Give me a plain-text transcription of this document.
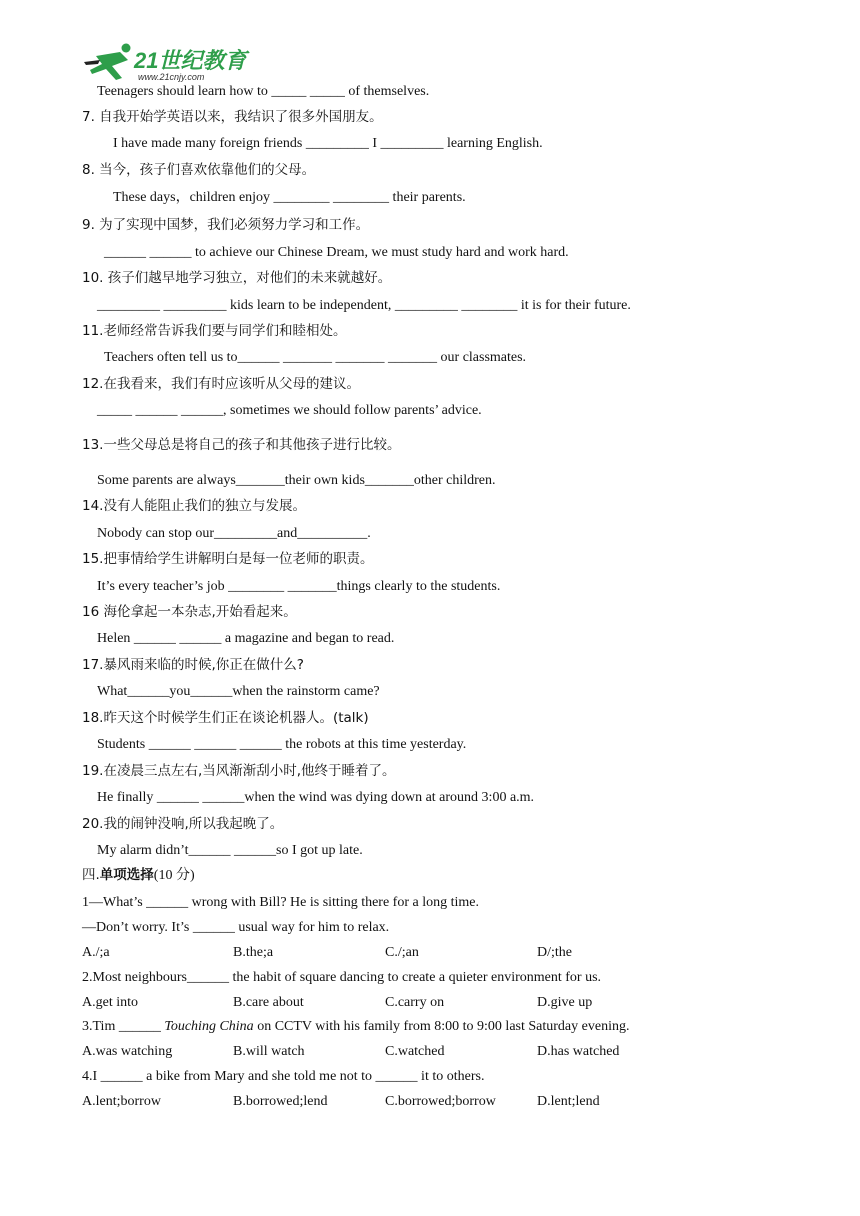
21世纪教育
www.21cnjy.com
Teenagers should learn how to _____ _____ of themselves.
7. 自我开始学英语以来，我结识了很多外国朋友。
I have made many foreign friends _________ I _________ learning English.
8. 当今，孩子们喜欢依靠他们的父母。
These days，children enjoy ________ ________ their parents.
9. 为了实现中国梦，我们必须努力学习和工作。
______ ______ to achieve our Chinese Dream, we must study hard and work hard.
10. 孩子们越早地学习独立，对他们的未来就越好。
_________ _________ kids learn to be independent, _________ ________ it is for their future.
11.老师经常告诉我们要与同学们和睦相处。
Teachers often tell us to______ _______ _______ _______ our classmates.
12.在我看来，我们有时应该听从父母的建议。
_____ ______ ______, sometimes we should follow parents’ advice.
13.一些父母总是将自己的孩子和其他孩子进行比较。
Some parents are always_______their own kids_______other children.
14.没有人能阻止我们的独立与发展。
Nobody can stop our_________and__________.
15.把事情给学生讲解明白是每一位老师的职责。
It’s every teacher’s job ________ _______things clearly to the students.
16 海伦拿起一本杂志,开始看起来。
Helen ______ ______ a magazine and began to read.
17.暴风雨来临的时候,你正在做什么?
What______you______when the rainstorm came?
18.昨天这个时候学生们正在谈论机器人。(talk)
Students ______ ______ ______ the robots at this time yesterday.
19.在凌晨三点左右,当风渐渐刮小时,他终于睡着了。
He finally ______ ______when the wind was dying down at around 3:00 a.m.
20.我的闹钟没响,所以我起晚了。
My alarm didn’t______ ______so I got up late.
1—What’s ______ wrong with Bill? He is sitting there for a long time.
—Don’t worry. It’s ______ usual way for him to relax.
2.Most neighbours______ the habit of square dancing to create a quieter environment for us.
4.I ______ a bike from Mary and she told me not to ______ it to others.
四.单项选择(10 分)
3.Tim ______ Touching China on CCTV with his family from 8:00 to 9:00 last Saturday evening.
A./;a	B.the;a	C./;an	D/;the
A.get into	B.care about	C.carry on	D.give up
A.was watching	B.will watch	C.watched	D.has watched
A.lent;borrow	B.borrowed;lend	C.borrowed;borrow	D.lent;lend
